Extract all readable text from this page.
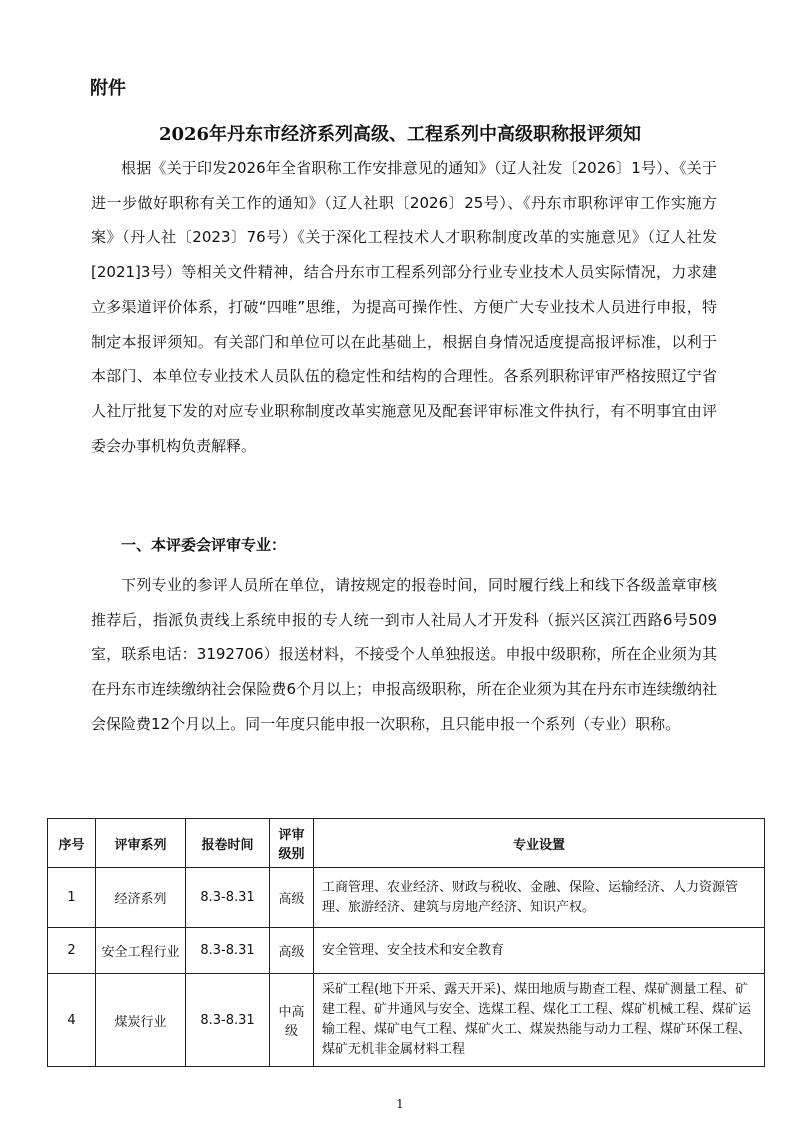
附件
2026年丹东市经济系列高级、工程系列中高级职称报评须知

根据《关于印发2026年全省职称工作安排意见的通知》（辽人社发〔2026〕1号）、《关于进一步做好职称有关工作的通知》（辽人社职〔2026〕25号）、《丹东市职称评审工作实施方案》（丹人社〔2023〕76号）《关于深化工程技术人才职称制度改革的实施意见》（辽人社发[2021]3号）等相关文件精神，结合丹东市工程系列部分行业专业技术人员实际情况，力求建立多渠道评价体系，打破“四唯”思维，为提高可操作性、方便广大专业技术人员进行申报，特制定本报评须知。有关部门和单位可以在此基础上，根据自身情况适度提高报评标准，以利于本部门、本单位专业技术人员队伍的稳定性和结构的合理性。各系列职称评审严格按照辽宁省人社厅批复下发的对应专业职称制度改革实施意见及配套评审标准文件执行，有不明事宜由评委会办事机构负责解释。

一、本评委会评审专业：

下列专业的参评人员所在单位，请按规定的报卷时间，同时履行线上和线下各级盖章审核推荐后，指派负责线上系统申报的专人统一到市人社局人才开发科（振兴区滨江西路6号509室，联系电话：3192706）报送材料，不接受个人单独报送。申报中级职称，所在企业须为其在丹东市连续缴纳社会保险费6个月以上；申报高级职称，所在企业须为其在丹东市连续缴纳社会保险费12个月以上。同一年度只能申报一次职称，且只能申报一个系列（专业）职称。

序号	评审系列	报卷时间	评审级别	专业设置
1	经济系列	8.3-8.31	高级	工商管理、农业经济、财政与税收、金融、保险、运输经济、人力资源管理、旅游经济、建筑与房地产经济、知识产权。
2	安全工程行业	8.3-8.31	高级	安全管理、安全技术和安全教育
4	煤炭行业	8.3-8.31	中高级	采矿工程(地下开采、露天开采)、煤田地质与勘查工程、煤矿测量工程、矿建工程、矿井通风与安全、选煤工程、煤化工工程、煤矿机械工程、煤矿运输工程、煤矿电气工程、煤矿火工、煤炭热能与动力工程、煤矿环保工程、煤矿无机非金属材料工程
1
